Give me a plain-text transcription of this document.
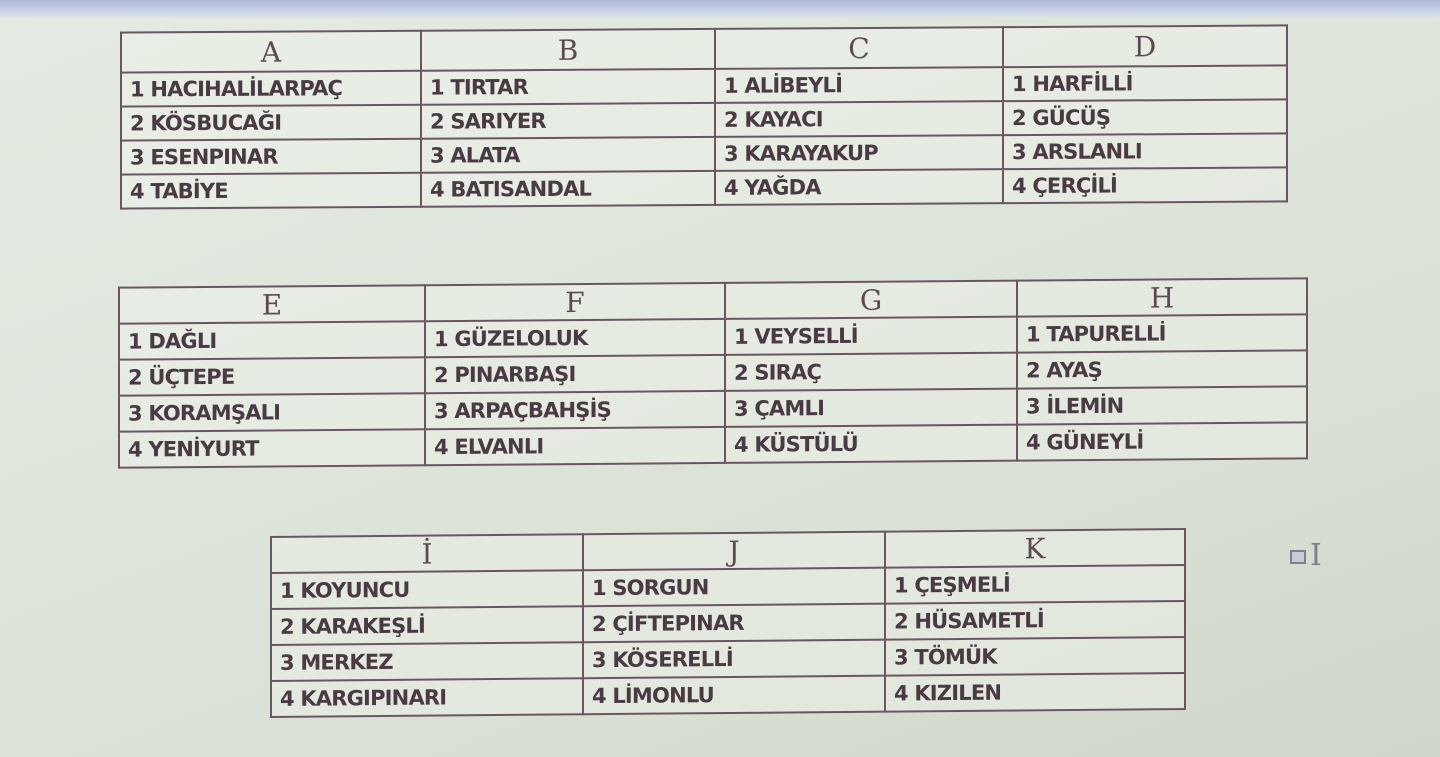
A	B	C	D
1 HACIHALİLARPAÇ	1 TIRTAR	1 ALİBEYLİ	1 HARFİLLİ
2 KÖSBUCAĞI	2 SARIYER	2 KAYACI	2 GÜCÜŞ
3 ESENPINAR	3 ALATA	3 KARAYAKUP	3 ARSLANLI
4 TABİYE	4 BATISANDAL	4 YAĞDA	4 ÇERÇİLİ
E	F	G	H
1 DAĞLI	1 GÜZELOLUK	1 VEYSELLİ	1 TAPURELLİ
2 ÜÇTEPE	2 PINARBAŞI	2 SIRAÇ	2 AYAŞ
3 KORAMŞALI	3 ARPAÇBAHŞİŞ	3 ÇAMLI	3 İLEMİN
4 YENİYURT	4 ELVANLI	4 KÜSTÜLÜ	4 GÜNEYLİ
İ	J	K
1 KOYUNCU	1 SORGUN	1 ÇEŞMELİ
2 KARAKEŞLİ	2 ÇİFTEPINAR	2 HÜSAMETLİ
3 MERKEZ	3 KÖSERELLİ	3 TÖMÜK
4 KARGIPINARI	4 LİMONLU	4 KIZILEN
I
